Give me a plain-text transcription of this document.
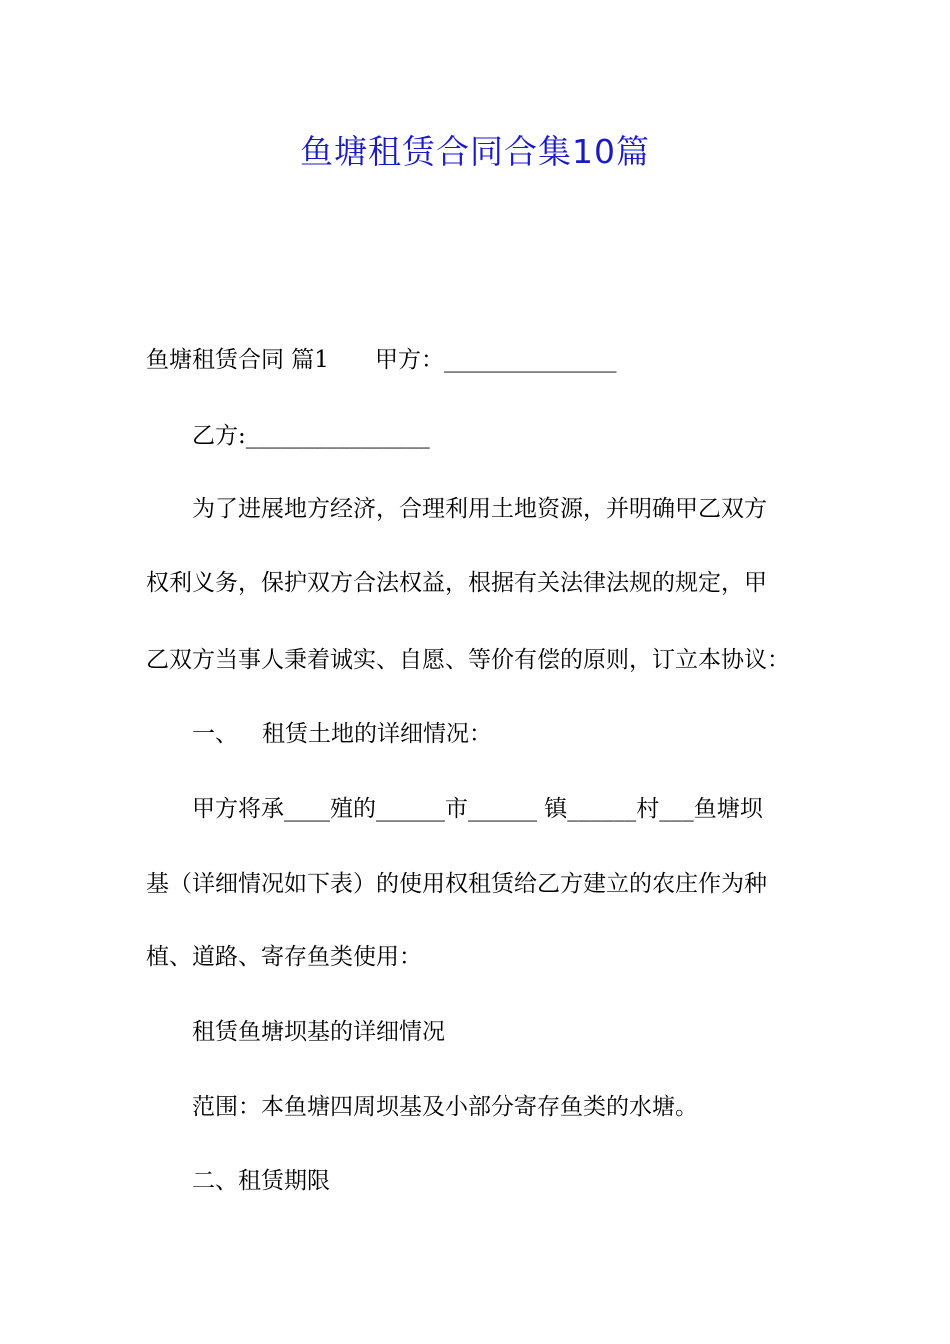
鱼塘租赁合同合集10篇
鱼塘租赁合同 篇1 甲方：_______________
乙方:________________
为了进展地方经济，合理利用土地资源，并明确甲乙双方
权利义务，保护双方合法权益，根据有关法律法规的规定，甲
乙双方当事人秉着诚实、自愿、等价有偿的原则，订立本协议：
一、 租赁土地的详细情况：
甲方将承____殖的______市______ 镇______村___鱼塘坝
基（详细情况如下表）的使用权租赁给乙方建立的农庄作为种
植、道路、寄存鱼类使用：
租赁鱼塘坝基的详细情况
范围：本鱼塘四周坝基及小部分寄存鱼类的水塘。
二、租赁期限
